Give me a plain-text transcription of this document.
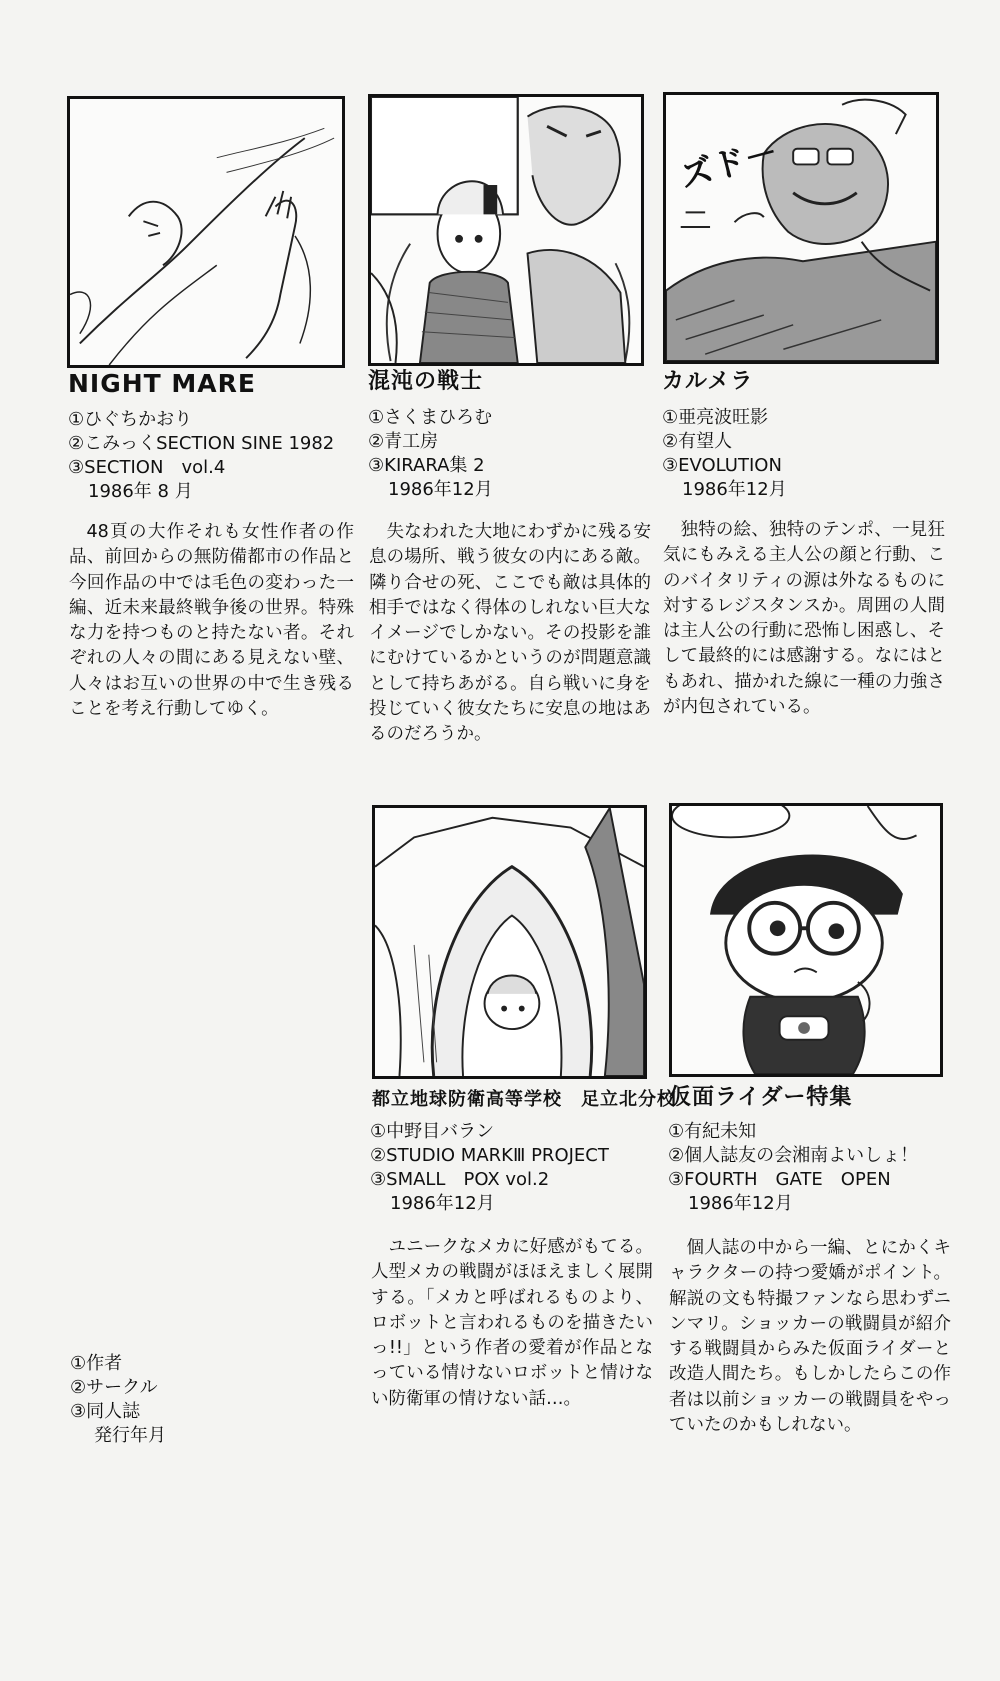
NIGHT MARE
①ひぐちかおり
②こみっくSECTION SINE 1982
③SECTION　vol.4
1986年 8 月
48頁の大作それも女性作者の作品、前回からの無防備都市の作品と今回作品の中では毛色の変わった一編、近未来最終戦争後の世界。特殊な力を持つものと持たない者。それぞれの人々の間にある見えない壁、人々はお互いの世界の中で生き残ることを考え行動してゆく。
混沌の戦士
①さくまひろむ
②青工房
③KIRARA集 2
1986年12月
失なわれた大地にわずかに残る安息の場所、戦う彼女の内にある敵。隣り合せの死、ここでも敵は具体的相手ではなく得体のしれない巨大なイメージでしかない。その投影を誰にむけているかというのが問題意識として持ちあがる。自ら戦いに身を投じていく彼女たちに安息の地はあるのだろうか。
ズド－
カルメラ
①亜亮波旺影
②有望人
③EVOLUTION
1986年12月
独特の絵、独特のテンポ、一見狂気にもみえる主人公の顔と行動、このバイタリティの源は外なるものに対するレジスタンスか。周囲の人間は主人公の行動に恐怖し困惑し、そして最終的には感謝する。なにはともあれ、描かれた線に一種の力強さが内包されている。
都立地球防衛高等学校　足立北分校
①中野目バラン
②STUDIO MARKⅢ PROJECT
③SMALL　POX vol.2
1986年12月
ユニークなメカに好感がもてる。人型メカの戦闘がほほえましく展開する。「メカと呼ばれるものより、ロボットと言われるものを描きたいっ!!」という作者の愛着が作品となっている情けないロボットと情けない防衛軍の情けない話…。
仮面ライダー特集
①有紀未知
②個人誌友の会湘南よいしょ！
③FOURTH　GATE　OPEN
1986年12月
個人誌の中から一編、とにかくキャラクターの持つ愛嬌がポイント。解説の文も特撮ファンなら思わずニンマリ。ショッカーの戦闘員が紹介する戦闘員からみた仮面ライダーと改造人間たち。もしかしたらこの作者は以前ショッカーの戦闘員をやっていたのかもしれない。
①作者
②サークル
③同人誌
発行年月
